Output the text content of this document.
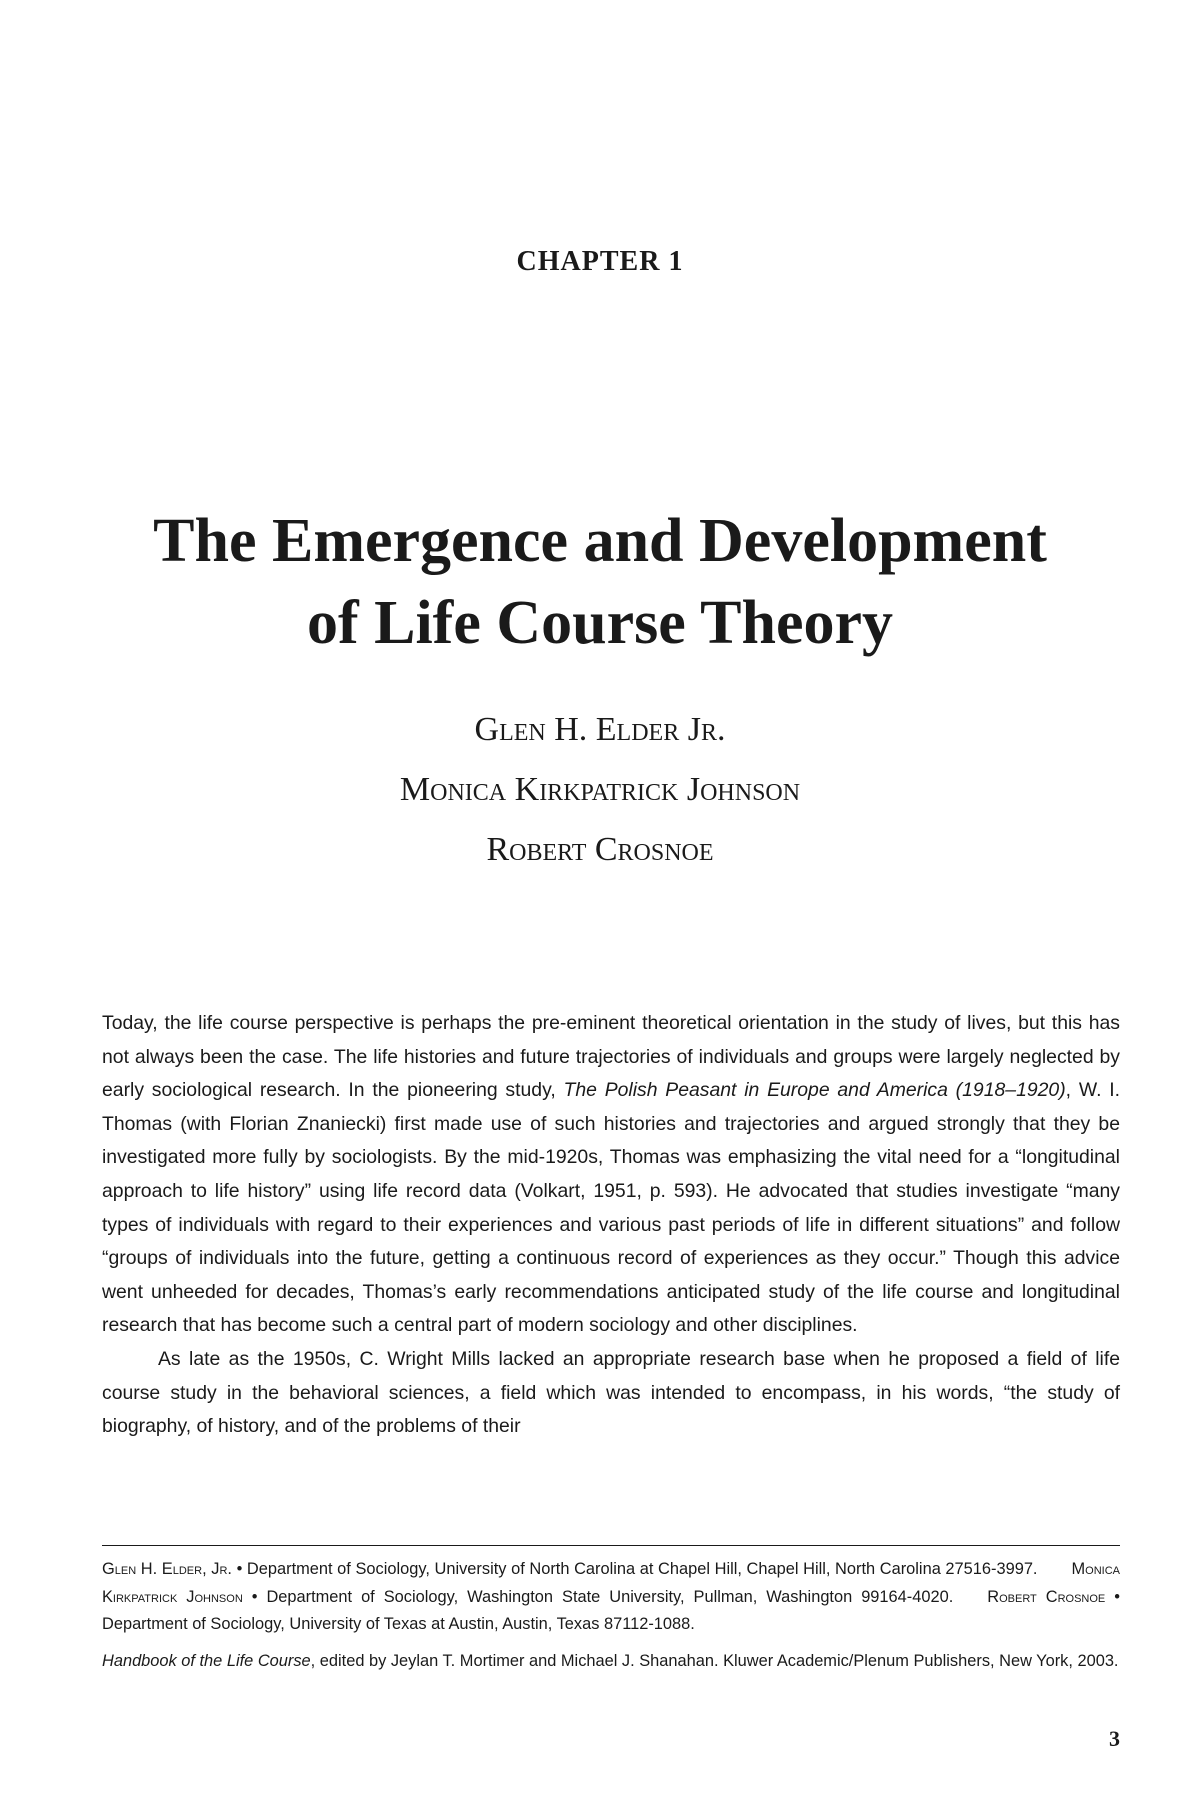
CHAPTER 1
The Emergence and Development
of Life Course Theory
Glen H. Elder Jr.
Monica Kirkpatrick Johnson
Robert Crosnoe

Today, the life course perspective is perhaps the pre-eminent theoretical orientation in the study of lives, but this has not always been the case. The life histories and future trajectories of individuals and groups were largely neglected by early sociological research. In the pioneering study, The Polish Peasant in Europe and America (1918–1920), W. I. Thomas (with Florian Znaniecki) first made use of such histories and trajectories and argued strongly that they be investigated more fully by sociologists. By the mid-1920s, Thomas was emphasizing the vital need for a “longitudinal approach to life history” using life record data (Volkart, 1951, p. 593). He advocated that studies investigate “many types of individuals with regard to their experiences and various past periods of life in different situations” and follow “groups of individuals into the future, getting a continuous record of experiences as they occur.” Though this advice went unheeded for decades, Thomas’s early recommendations anticipated study of the life course and longitudinal research that has become such a central part of modern sociology and other disciplines.

As late as the 1950s, C. Wright Mills lacked an appropriate research base when he proposed a field of life course study in the behavioral sciences, a field which was intended to encompass, in his words, “the study of biography, of history, and of the problems of their

Glen H. Elder, Jr. • Department of Sociology, University of North Carolina at Chapel Hill, Chapel Hill, North Carolina 27516-3997. Monica Kirkpatrick Johnson • Department of Sociology, Washington State University, Pullman, Washington 99164-4020. Robert Crosnoe • Department of Sociology, University of Texas at Austin, Austin, Texas 87112-1088.

Handbook of the Life Course, edited by Jeylan T. Mortimer and Michael J. Shanahan. Kluwer Academic/Plenum Publishers, New York, 2003.

3
